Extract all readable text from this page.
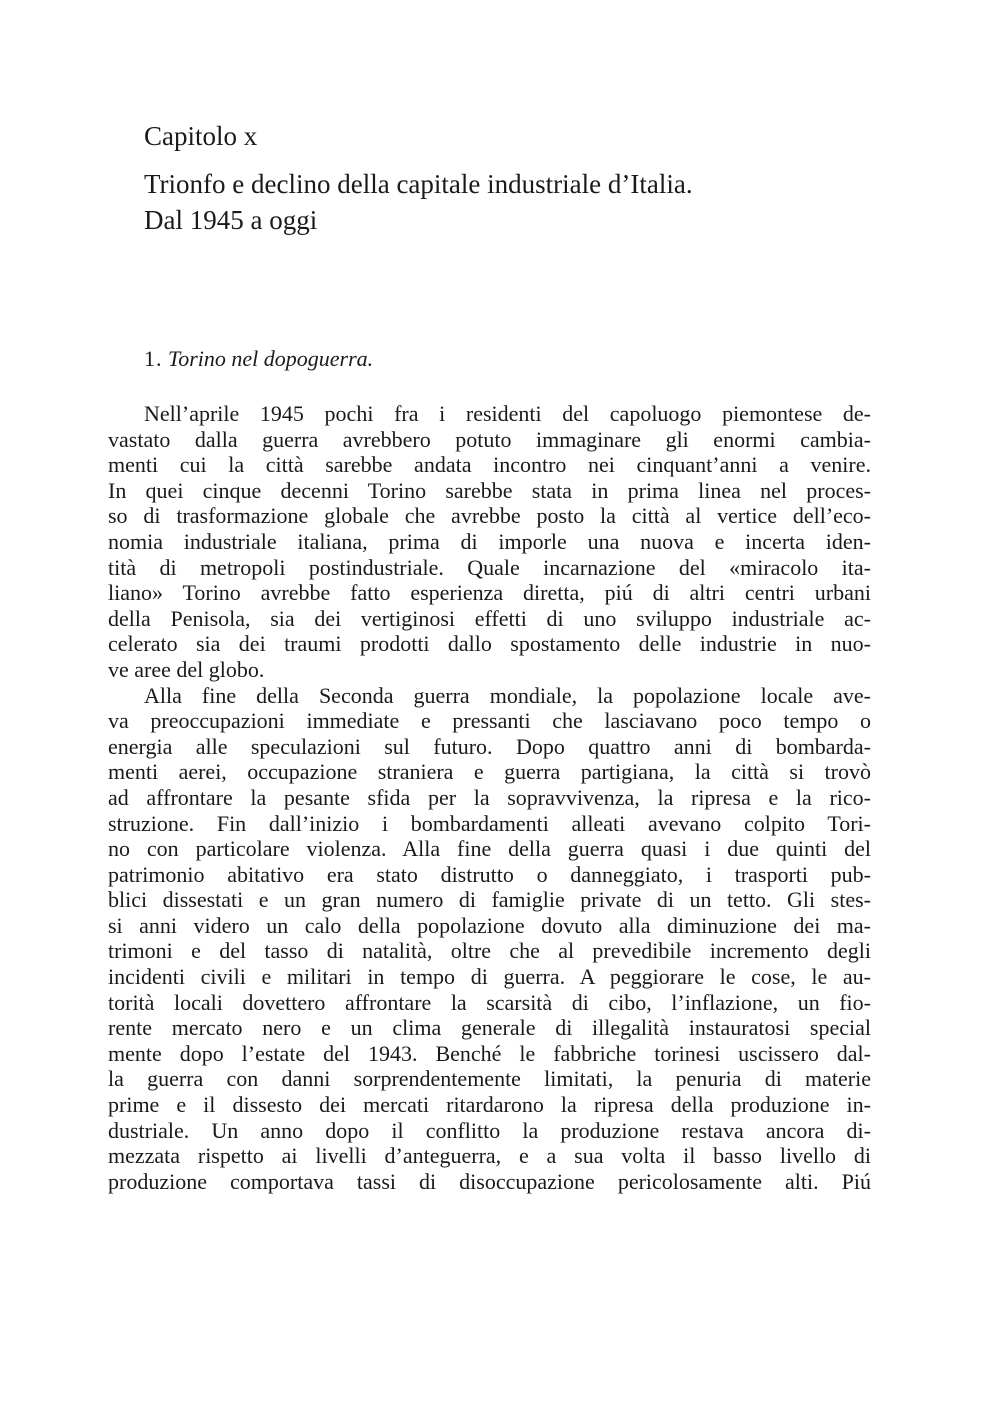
Capitolo x
Trionfo e declino della capitale industriale d’Italia.
Dal 1945 a oggi
1. Torino nel dopoguerra.
Nell’aprile 1945 pochi fra i residenti del capoluogo piemontese de-
vastato dalla guerra avrebbero potuto immaginare gli enormi cambia-
menti cui la città sarebbe andata incontro nei cinquant’anni a venire.
In quei cinque decenni Torino sarebbe stata in prima linea nel proces-
so di trasformazione globale che avrebbe posto la città al vertice dell’eco-
nomia industriale italiana, prima di imporle una nuova e incerta iden-
tità di metropoli postindustriale. Quale incarnazione del «miracolo ita-
liano» Torino avrebbe fatto esperienza diretta, piú di altri centri urbani
della Penisola, sia dei vertiginosi effetti di uno sviluppo industriale ac-
celerato sia dei traumi prodotti dallo spostamento delle industrie in nuo-
ve aree del globo.
Alla fine della Seconda guerra mondiale, la popolazione locale ave-
va preoccupazioni immediate e pressanti che lasciavano poco tempo o
energia alle speculazioni sul futuro. Dopo quattro anni di bombarda-
menti aerei, occupazione straniera e guerra partigiana, la città si trovò
ad affrontare la pesante sfida per la sopravvivenza, la ripresa e la rico-
struzione. Fin dall’inizio i bombardamenti alleati avevano colpito Tori-
no con particolare violenza. Alla fine della guerra quasi i due quinti del
patrimonio abitativo era stato distrutto o danneggiato, i trasporti pub-
blici dissestati e un gran numero di famiglie private di un tetto. Gli stes-
si anni videro un calo della popolazione dovuto alla diminuzione dei ma-
trimoni e del tasso di natalità, oltre che al prevedibile incremento degli
incidenti civili e militari in tempo di guerra. A peggiorare le cose, le au-
torità locali dovettero affrontare la scarsità di cibo, l’inflazione, un fio-
rente mercato nero e un clima generale di illegalità instauratosi special
mente dopo l’estate del 1943. Benché le fabbriche torinesi uscissero dal-
la guerra con danni sorprendentemente limitati, la penuria di materie
prime e il dissesto dei mercati ritardarono la ripresa della produzione in-
dustriale. Un anno dopo il conflitto la produzione restava ancora di-
mezzata rispetto ai livelli d’anteguerra, e a sua volta il basso livello di
produzione comportava tassi di disoccupazione pericolosamente alti. Piú
